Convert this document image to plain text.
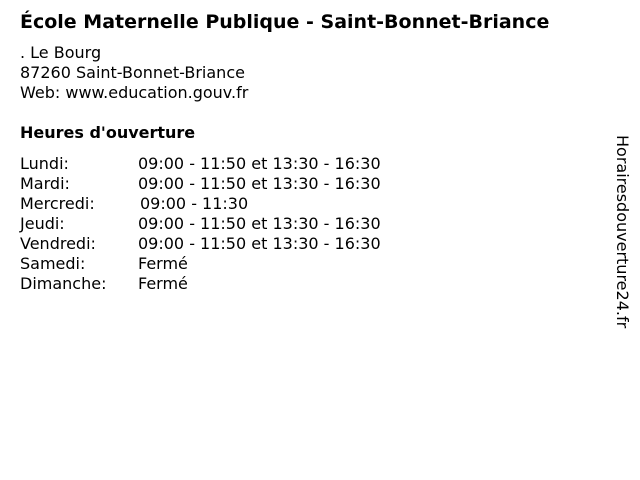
École Maternelle Publique - Saint-Bonnet-Briance
. Le Bourg
87260 Saint-Bonnet-Briance
Web: www.education.gouv.fr
Heures d'ouverture
Lundi:	09:00 - 11:50 et 13:30 - 16:30
Mardi:	09:00 - 11:50 et 13:30 - 16:30
Mercredi:	09:00 - 11:30
Jeudi:	09:00 - 11:50 et 13:30 - 16:30
Vendredi:	09:00 - 11:50 et 13:30 - 16:30
Samedi:	Fermé
Dimanche: Fermé	Horairesdouverture24.fr
